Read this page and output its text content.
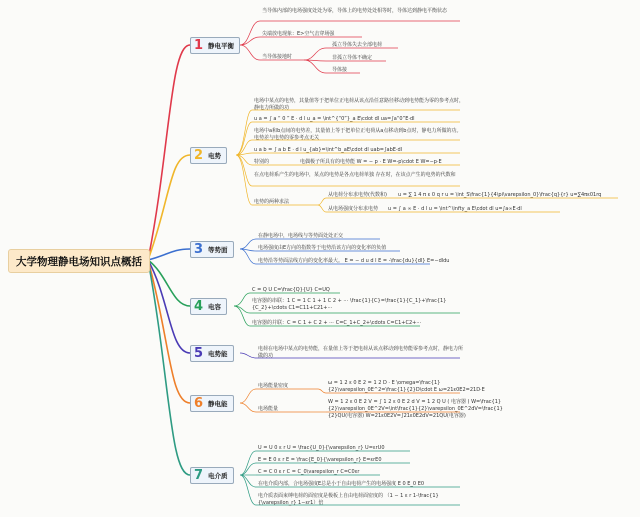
大学物理静电场知识点概括
1 静电平衡
当导体内部的电场强度处处为零，导体上的电势处处相等时，导体达到静电平衡状态
尖端放电现象：E>空气击穿场强
当导体接地时
孤立导体失去全部电荷
非孤立导体不确定
导体接
2 电势
电场中某点的电势，其量值等于把单位正电荷从该点沿任意路径移动到电势能为零的参考点时，静电力所做的功
u a = ∫ a “ 0 ” E · d l u_a = \int^{“0”}_a E\cdot dl ua=∫a“0”E·dl
电场中a和b点间的电势差，其量值上等于把单位正电荷从a点移动到b点时，静电力所做的功。电势差与电势的零参考点无关
u a b = ∫ a b E · d l u_{ab}=\int^b_aE\cdot dl uab=∫abE·dl
特别的	电偶极子所具有的电势能 W = − p · E W=-p\cdot E W=−p·E
在点电荷系产生的电场中，某点的电势是各点电荷单独 存在时，在该点产生的电势的代数和
电势的两种求法
从电荷分布求电势(代数和) u = ∑ 1 4 π ε 0 q r u = \int_S\frac{1}{4\pi\varepsilon_0}\frac{q}{r} u=∑4πε01rq
从电场强度分布求电势 u = ∫ a ∞ E · d l u = \int^\infty_a E\cdot dl u=∫a∞E·dl
3 等势面
在静电场中，电场线与等势面处处正交
电场强度由E方向的指数等于电势沿该方向的变化率的负值
电势沿等势面法线方向的变化率最大。 E = − d u d l E = -\frac{du}{dl} E=−dldu
4 电容
C = Q U C=\frac{Q}{U} C=UQ
电容器的串联：1 C = 1 C 1 + 1 C 2 + ⋯ \frac{1}{C}=\frac{1}{C_1}+\frac{1}{C_2}+\cdots C1=C11+C21+⋯
电容器的并联：C = C 1 + C 2 + ⋯ C=C_1+C_2+\cdots C=C1+C2+⋯
5 电势能
电荷在电场中某点的电势能，在量值上等于把电荷从该点移动到电势能零参考点时，静电力所做的功
6 静电能
电场能量密度	ω = 1 2 ε 0 E 2 = 1 2 D · E \omega=\frac{1}{2}\varepsilon_0E^2=\frac{1}{2}D\cdot E ω=21ε0E2=21D·E
电场能量
W = 1 2 ε 0 E 2 V = ∫ 1 2 ε 0 E 2 d V = 1 2 Q U ( 电容器 ) W=\frac{1}{2}\varepsilon_0E^2V=\int\frac{1}{2}\varepsilon_0E^2dV=\frac{1}{2}QU(电容器) W=21ε0E2V=∫21ε0E2dV=21QU(电容器)
7 电介质
U = U 0 ε r U = \frac{U_0}{\varepsilon_r} U=εrU0
E = E 0 ε r E = \frac{E_0}{\varepsilon_r} E=εrE0
C = C 0 ε r C = C_0\varepsilon_r C=C0εr
在电介质内部，合电场强度E总是小于自由电荷产生的电场强度 E 0 E_0 E0
电介质表面束缚电荷的面密度是极板上自由电荷面密度的 （1 − 1 ε r 1-\frac{1}{\varepsilon_r} 1−εr1）倍
